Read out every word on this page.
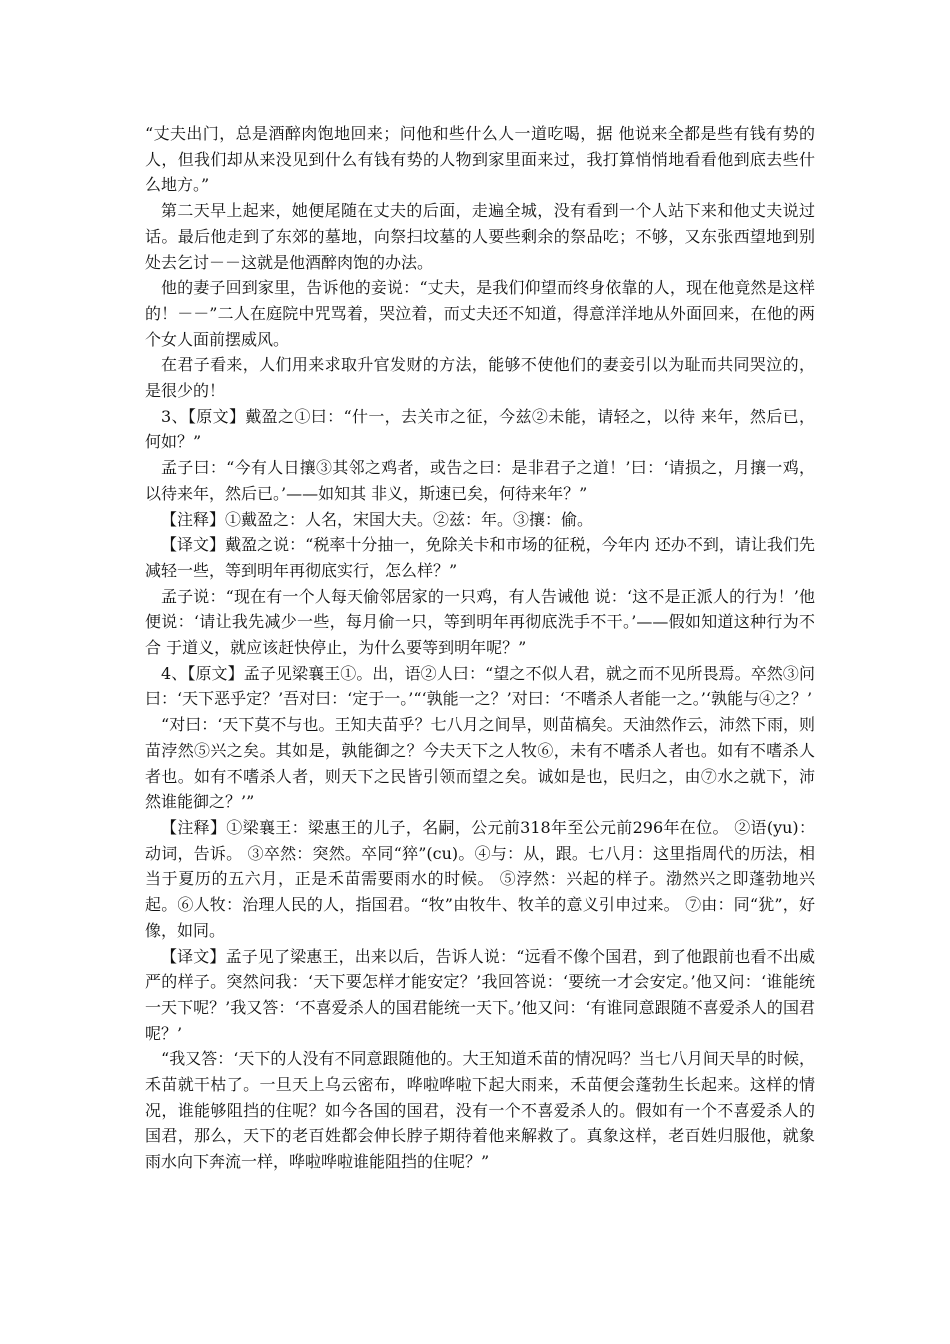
“丈夫出门，总是酒醉肉饱地回来；问他和些什么人一道吃喝，据 他说来全都是些有钱有势的人，但我们却从来没见到什么有钱有势的人物到家里面来过，我打算悄悄地看看他到底去些什么地方。”

第二天早上起来，她便尾随在丈夫的后面，走遍全城，没有看到一个人站下来和他丈夫说过话。最后他走到了东郊的墓地，向祭扫坟墓的人要些剩余的祭品吃；不够，又东张西望地到别处去乞讨－－这就是他酒醉肉饱的办法。

他的妻子回到家里，告诉他的妾说：“丈夫，是我们仰望而终身依靠的人，现在他竟然是这样的！－－”二人在庭院中咒骂着，哭泣着，而丈夫还不知道，得意洋洋地从外面回来，在他的两个女人面前摆威风。

在君子看来，人们用来求取升官发财的方法，能够不使他们的妻妾引以为耻而共同哭泣的，是很少的！

3、【原文】戴盈之①曰：“什一，去关市之征，今兹②未能，请轻之，以待 来年，然后已，何如？”

孟子曰：“今有人日攘③其邻之鸡者，或告之曰：是非君子之道！’曰：‘请损之，月攘一鸡，以待来年，然后已。’——如知其 非义，斯速已矣，何待来年？”

【注释】①戴盈之：人名，宋国大夫。②兹：年。③攘：偷。

【译文】戴盈之说：“税率十分抽一，免除关卡和市场的征税，今年内 还办不到，请让我们先减轻一些，等到明年再彻底实行，怎么样？”

孟子说：“现在有一个人每天偷邻居家的一只鸡，有人告诫他 说：‘这不是正派人的行为！’他便说：‘请让我先减少一些，每月偷一只，等到明年再彻底洗手不干。’——假如知道这种行为不合 于道义，就应该赶快停止，为什么要等到明年呢？”

4、【原文】孟子见梁襄王①。出，语②人曰：“望之不似人君，就之而不见所畏焉。卒然③问曰：‘天下恶乎定？’吾对曰：‘定于一。’“‘孰能一之？’对曰：‘不嗜杀人者能一之。’‘孰能与④之？’

“对曰：‘天下莫不与也。王知夫苗乎？七八月之间旱，则苗槁矣。天油然作云，沛然下雨，则苗浡然⑤兴之矣。其如是，孰能御之？今夫天下之人牧⑥，未有不嗜杀人者也。如有不嗜杀人者也。如有不嗜杀人者，则天下之民皆引领而望之矣。诚如是也，民归之，由⑦水之就下，沛然谁能御之？’”

【注释】①梁襄王：梁惠王的儿子，名嗣，公元前318年至公元前296年在位。 ②语(yu)：动词，告诉。 ③卒然：突然。卒同“猝”(cu)。④与：从，跟。七八月：这里指周代的历法，相当于夏历的五六月，正是禾苗需要雨水的时候。 ⑤浡然：兴起的样子。渤然兴之即蓬勃地兴起。⑥人牧：治理人民的人，指国君。“牧”由牧牛、牧羊的意义引申过来。 ⑦由：同“犹”，好像，如同。

【译文】孟子见了梁惠王，出来以后，告诉人说：“远看不像个国君，到了他跟前也看不出威严的样子。突然问我：‘天下要怎样才能安定？’我回答说：‘要统一才会安定。’他又问：‘谁能统一天下呢？’我又答：‘不喜爱杀人的国君能统一天下。’他又问：‘有谁同意跟随不喜爱杀人的国君呢？’

“我又答：‘天下的人没有不同意跟随他的。大王知道禾苗的情况吗？当七八月间天旱的时候，禾苗就干枯了。一旦天上乌云密布，哗啦哗啦下起大雨来，禾苗便会蓬勃生长起来。这样的情况，谁能够阻挡的住呢？如今各国的国君，没有一个不喜爱杀人的。假如有一个不喜爱杀人的国君，那么，天下的老百姓都会伸长脖子期待着他来解救了。真象这样，老百姓归服他，就象雨水向下奔流一样，哗啦哗啦谁能阻挡的住呢？”
